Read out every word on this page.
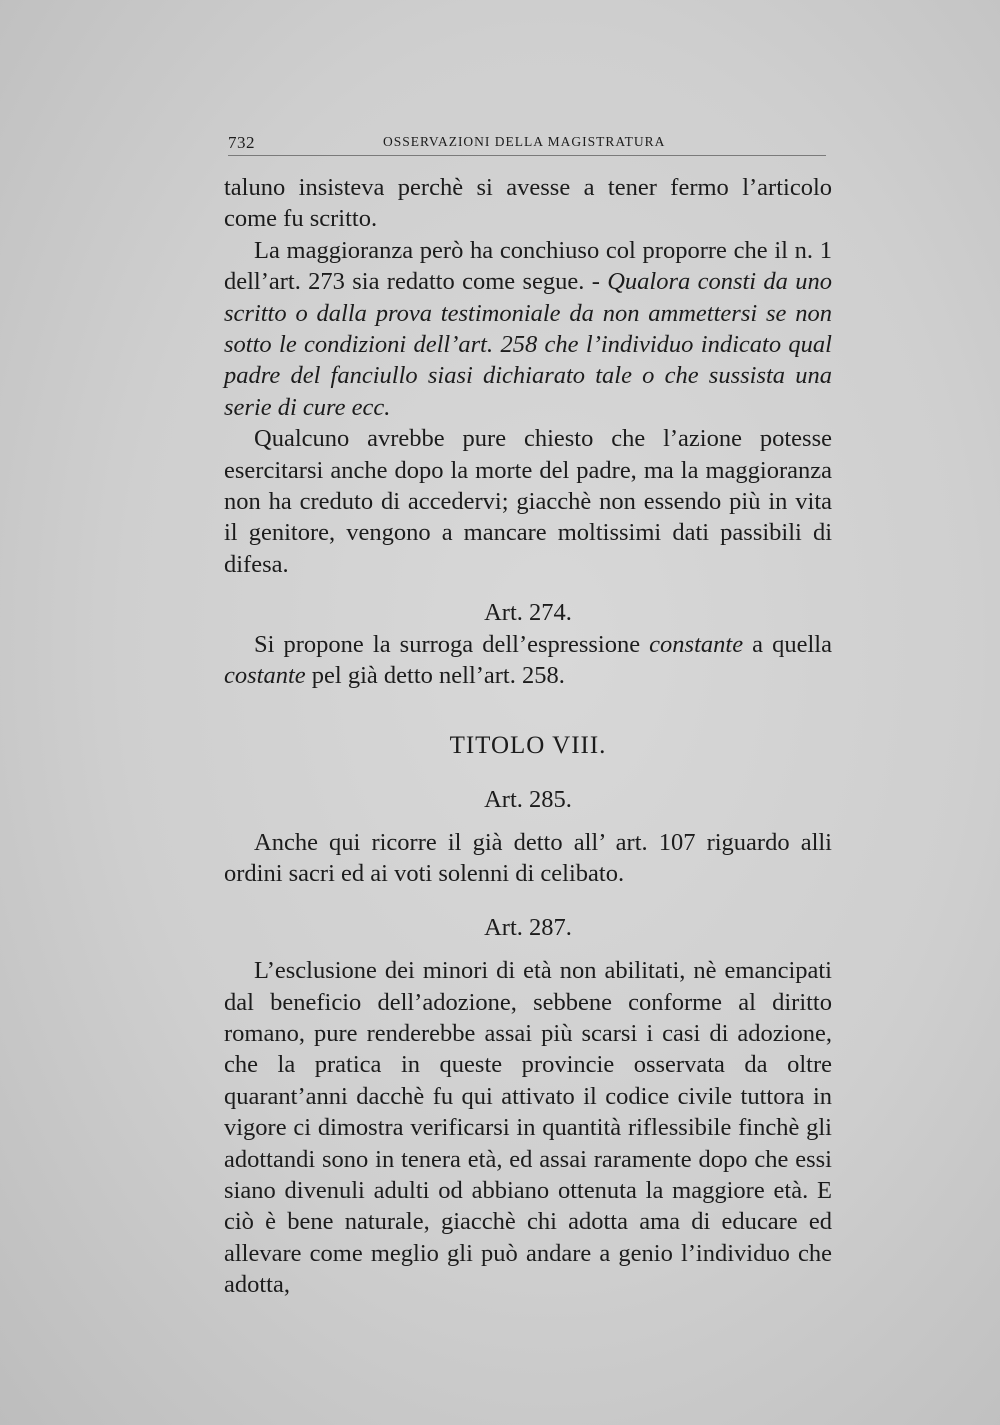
732	OSSERVAZIONI DELLA MAGISTRATURA

taluno insisteva perchè si avesse a tener fermo l’articolo come fu scritto.

La maggioranza però ha conchiuso col proporre che il n. 1 dell’art. 273 sia redatto come segue. - Qualora consti da uno scritto o dalla prova testimoniale da non ammettersi se non sotto le condizioni dell’art. 258 che l’individuo indicato qual padre del fanciullo siasi dichiarato tale o che sussista una serie di cure ecc.

Qualcuno avrebbe pure chiesto che l’azione potesse esercitarsi anche dopo la morte del padre, ma la maggioranza non ha creduto di accedervi; giacchè non essendo più in vita il genitore, vengono a mancare moltissimi dati passibili di difesa.

Art. 274.

Si propone la surroga dell’espressione constante a quella costante pel già detto nell’art. 258.

TITOLO VIII.
Art. 285.

Anche qui ricorre il già detto all’ art. 107 riguardo alli ordini sacri ed ai voti solenni di celibato.

Art. 287.

L’esclusione dei minori di età non abilitati, nè emancipati dal beneficio dell’adozione, sebbene conforme al diritto romano, pure renderebbe assai più scarsi i casi di adozione, che la pratica in queste provincie osservata da oltre quarant’anni dacchè fu qui attivato il codice civile tuttora in vigore ci dimostra verificarsi in quantità riflessibile finchè gli adottandi sono in tenera età, ed assai raramente dopo che essi siano divenuli adulti od abbiano ottenuta la maggiore età. E ciò è bene naturale, giacchè chi adotta ama di educare ed allevare come meglio gli può andare a genio l’individuo che adotta,
